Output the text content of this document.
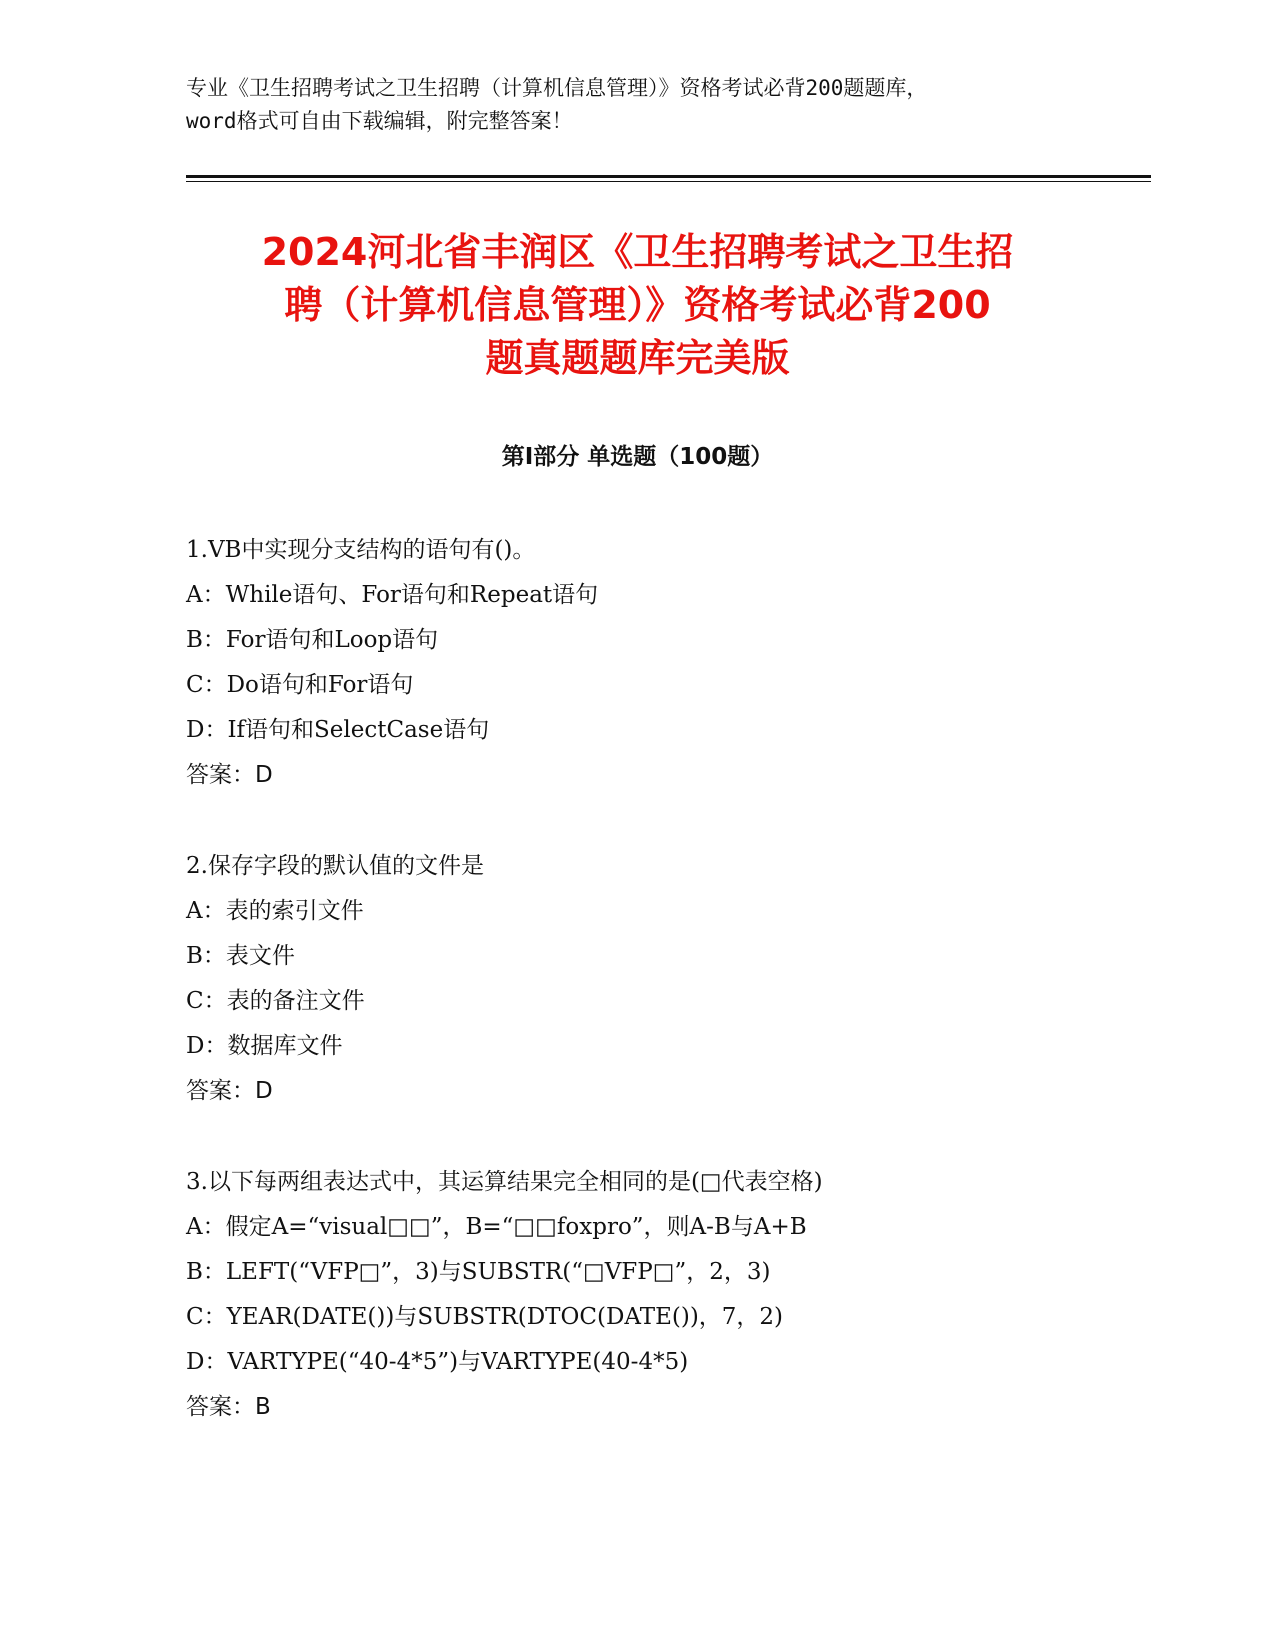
专业《卫生招聘考试之卫生招聘（计算机信息管理）》资格考试必背200题题库，
word格式可自由下载编辑，附完整答案！
2024河北省丰润区《卫生招聘考试之卫生招
聘（计算机信息管理）》资格考试必背200
题真题题库完美版
第Ⅰ部分 单选题（100题）
1.VB中实现分支结构的语句有()。
A：While语句、For语句和Repeat语句
B：For语句和Loop语句
C：Do语句和For语句
D：If语句和SelectCase语句
答案：D
2.保存字段的默认值的文件是
A：表的索引文件
B：表文件
C：表的备注文件
D：数据库文件
答案：D
3.以下每两组表达式中，其运算结果完全相同的是(□代表空格)
A：假定A=“visual□□”，B=“□□foxpro”，则A-B与A+B
B：LEFT(“VFP□”，3)与SUBSTR(“□VFP□”，2，3)
C：YEAR(DATE())与SUBSTR(DTOC(DATE())，7，2)
D：VARTYPE(“40-4*5”)与VARTYPE(40-4*5)
答案：B
